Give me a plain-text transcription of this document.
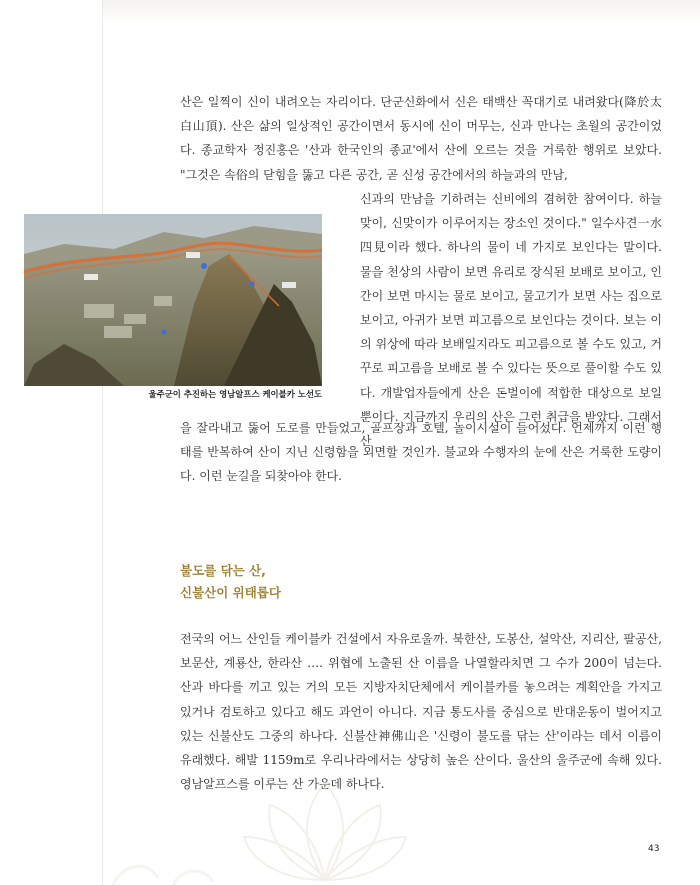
산은 일찍이 신이 내려오는 자리이다. 단군신화에서 신은 태백산 꼭대기로 내려왔다(降於太白山頂). 산은 삶의 일상적인 공간이면서 동시에 신이 머무는, 신과 만나는 초월의 공간이었다. 종교학자 정진홍은 '산과 한국인의 종교'에서 산에 오르는 것을 거룩한 행위로 보았다. "그것은 속俗의 닫힘을 뚫고 다른 공간, 곧 신성 공간에서의 하늘과의 만남,

울주군이 추진하는 영남알프스 케이블카 노선도

신과의 만남을 기하려는 신비에의 겸허한 참여이다. 하늘맞이, 신맞이가 이루어지는 장소인 것이다." 일수사견一水四見이라 했다. 하나의 물이 네 가지로 보인다는 말이다. 물을 천상의 사람이 보면 유리로 장식된 보배로 보이고, 인간이 보면 마시는 물로 보이고, 물고기가 보면 사는 집으로 보이고, 아귀가 보면 피고름으로 보인다는 것이다. 보는 이의 위상에 따라 보배일지라도 피고름으로 볼 수도 있고, 거꾸로 피고름을 보배로 볼 수 있다는 뜻으로 풀이할 수도 있다. 개발업자들에게 산은 돈벌이에 적합한 대상으로 보일 뿐이다. 지금까지 우리의 산은 그런 취급을 받았다. 그래서 산

을 잘라내고 뚫어 도로를 만들었고, 골프장과 호텔, 놀이시설이 들어섰다. 언제까지 이런 행태를 반복하여 산이 지닌 신령함을 외면할 것인가. 불교와 수행자의 눈에 산은 거룩한 도량이다. 이런 눈길을 되찾아야 한다.

불도를 닦는 산,
신불산이 위태롭다

전국의 어느 산인들 케이블카 건설에서 자유로울까. 북한산, 도봉산, 설악산, 지리산, 팔공산, 보문산, 계룡산, 한라산 …. 위협에 노출된 산 이름을 나열할라치면 그 수가 200이 넘는다. 산과 바다를 끼고 있는 거의 모든 지방자치단체에서 케이블카를 놓으려는 계획안을 가지고 있거나 검토하고 있다고 해도 과언이 아니다. 지금 통도사를 중심으로 반대운동이 벌어지고 있는 신불산도 그중의 하나다. 신불산神佛山은 '신령이 불도를 닦는 산'이라는 데서 이름이 유래했다. 해발 1159m로 우리나라에서는 상당히 높은 산이다. 울산의 울주군에 속해 있다. 영남알프스를 이루는 산 가운데 하나다.

43
